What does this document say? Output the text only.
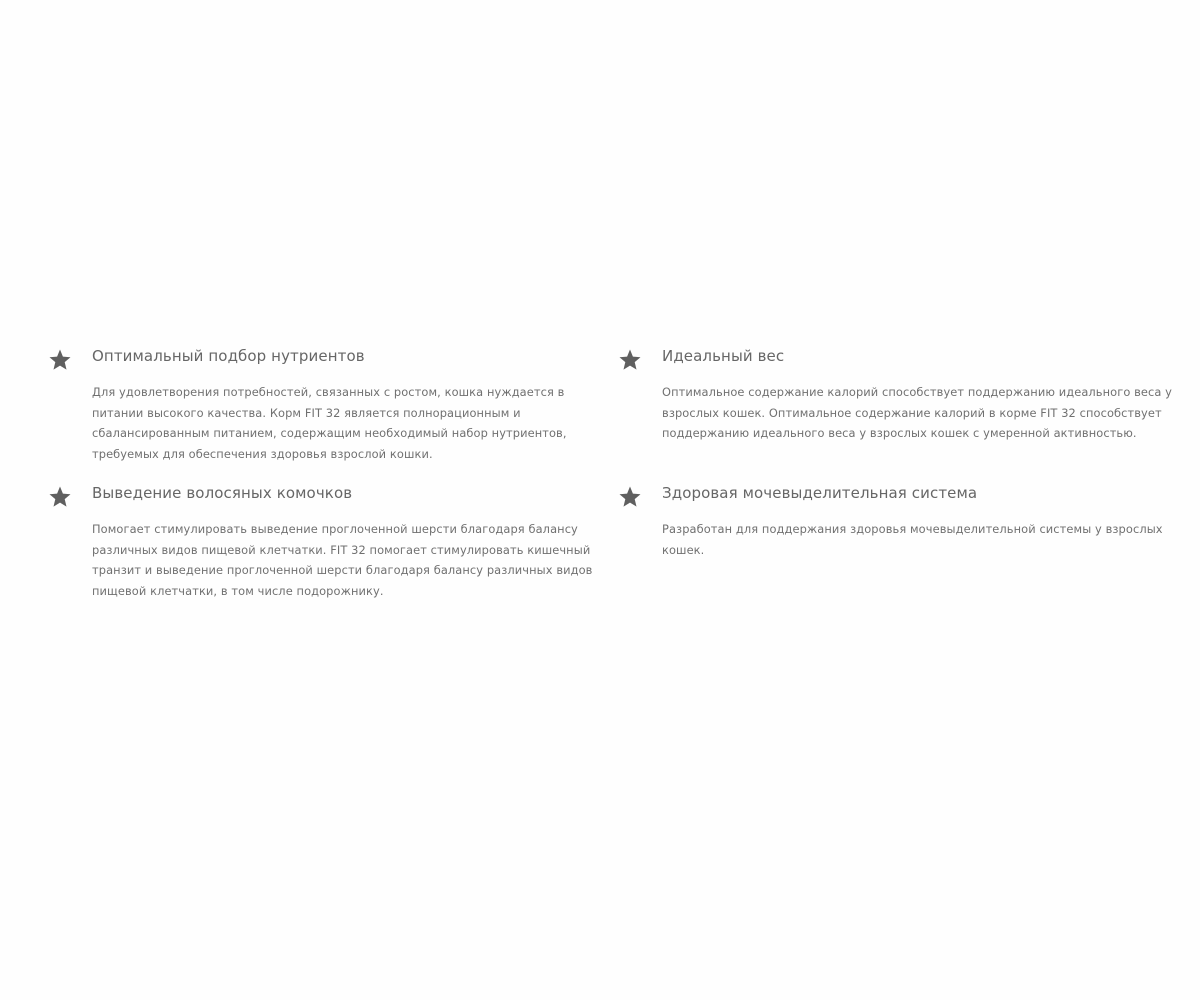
Оптимальный подбор нутриентов

Для удовлетворения потребностей, связанных с ростом, кошка нуждается в питании высокого качества. Корм FIT 32 является полнорационным и сбалансированным питанием, содержащим необходимый набор нутриентов, требуемых для обеспечения здоровья взрослой кошки.

Идеальный вес

Оптимальное содержание калорий способствует поддержанию идеального веса у взрослых кошек. Оптимальное содержание калорий в корме FIT 32 способствует поддержанию идеального веса у взрослых кошек с умеренной активностью.

Выведение волосяных комочков

Помогает стимулировать выведение проглоченной шерсти благодаря балансу различных видов пищевой клетчатки. FIT 32 помогает стимулировать кишечный транзит и выведение проглоченной шерсти благодаря балансу различных видов пищевой клетчатки, в том числе подорожнику.

Здоровая мочевыделительная система

Разработан для поддержания здоровья мочевыделительной системы у взрослых кошек.
